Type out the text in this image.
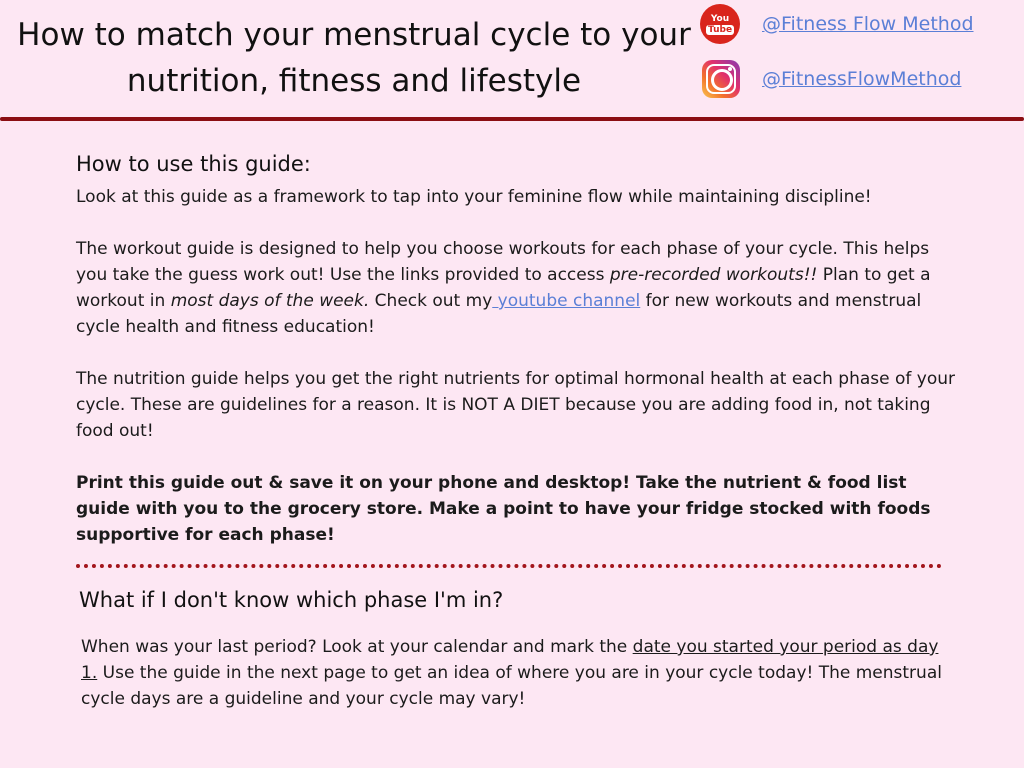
How to match your menstrual cycle to your nutrition, fitness and lifestyle
You
Tube @Fitness Flow Method
@FitnessFlowMethod
How to use this guide:

Look at this guide as a framework to tap into your feminine flow while maintaining discipline!

The workout guide is designed to help you choose workouts for each phase of your cycle. This helps you take the guess work out! Use the links provided to access pre-recorded workouts!! Plan to get a workout in most days of the week. Check out my youtube channel for new workouts and menstrual cycle health and fitness education!

The nutrition guide helps you get the right nutrients for optimal hormonal health at each phase of your cycle. These are guidelines for a reason. It is NOT A DIET because you are adding food in, not taking food out!

Print this guide out & save it on your phone and desktop! Take the nutrient & food list guide with you to the grocery store. Make a point to have your fridge stocked with foods supportive for each phase!

What if I don't know which phase I'm in?

When was your last period? Look at your calendar and mark the date you started your period as day 1. Use the guide in the next page to get an idea of where you are in your cycle today! The menstrual cycle days are a guideline and your cycle may vary!
